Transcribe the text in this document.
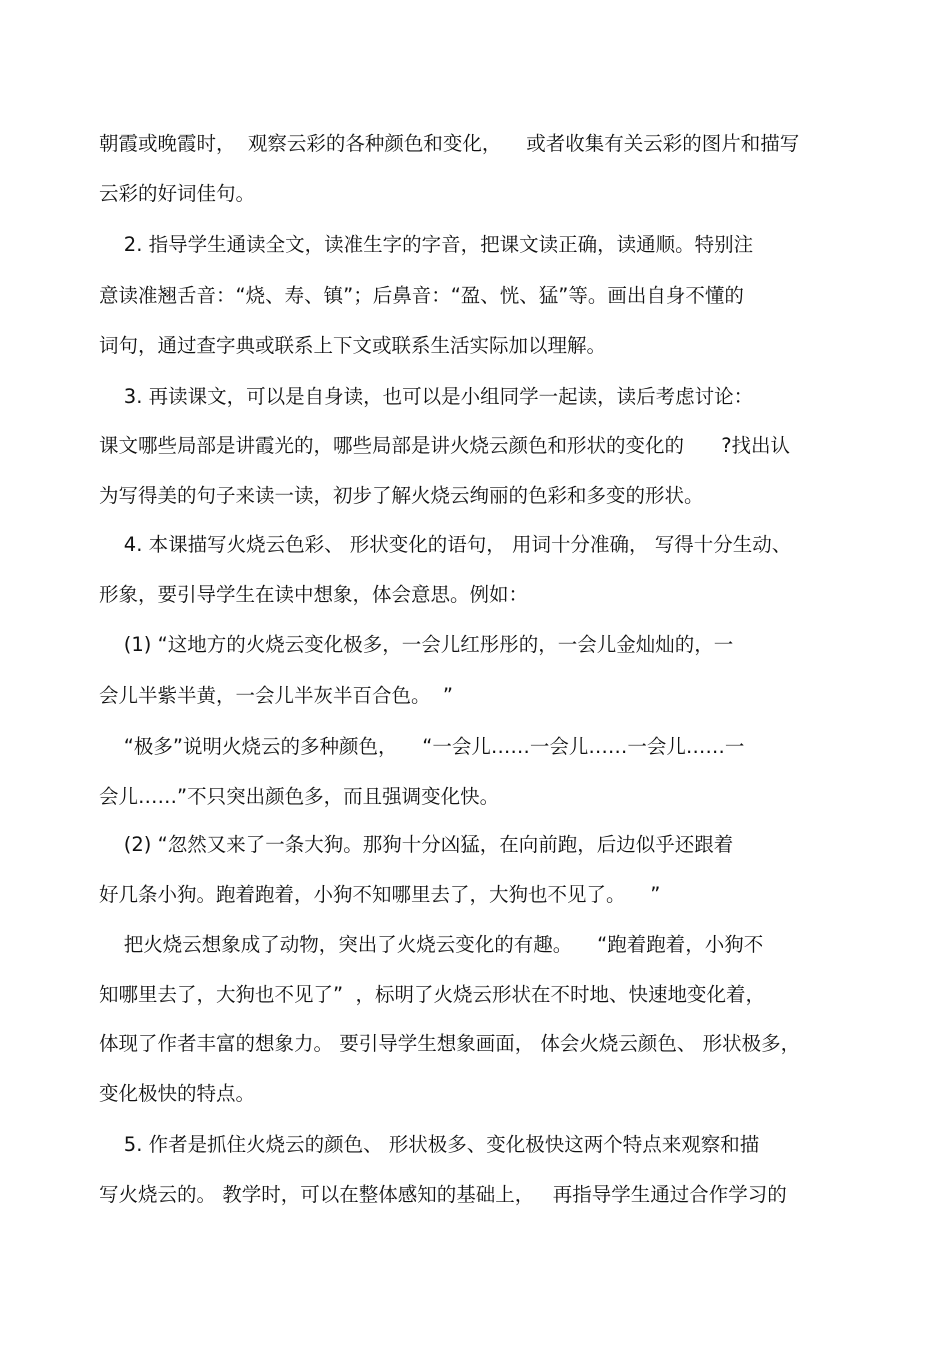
朝霞或晚霞时，  观察云彩的各种颜色和变化，    或者收集有关云彩的图片和描写
云彩的好词佳句。
2. 指导学生通读全文，读准生字的字音，把课文读正确，读通顺。特别注
意读准翘舌音：“烧、寿、镇”；后鼻音：“盈、恍、猛”等。画出自身不懂的
词句，通过查字典或联系上下文或联系生活实际加以理解。
3. 再读课文，可以是自身读，也可以是小组同学一起读，读后考虑讨论：
课文哪些局部是讲霞光的，哪些局部是讲火烧云颜色和形状的变化的      ?找出认
为写得美的句子来读一读，初步了解火烧云绚丽的色彩和多变的形状。
4. 本课描写火烧云色彩、 形状变化的语句， 用词十分准确， 写得十分生动、
形象，要引导学生在读中想象，体会意思。例如：
(1) “这地方的火烧云变化极多，一会儿红彤彤的，一会儿金灿灿的，一
会儿半紫半黄，一会儿半灰半百合色。  ”
“极多”说明火烧云的多种颜色，    “一会儿……一会儿……一会儿……一
会儿……”不只突出颜色多，而且强调变化快。
(2) “忽然又来了一条大狗。那狗十分凶猛，在向前跑，后边似乎还跟着
好几条小狗。跑着跑着，小狗不知哪里去了，大狗也不见了。    ”
把火烧云想象成了动物，突出了火烧云变化的有趣。    “跑着跑着，小狗不
知哪里去了，大狗也不见了”  ，标明了火烧云形状在不时地、快速地变化着，
体现了作者丰富的想象力。 要引导学生想象画面， 体会火烧云颜色、 形状极多，
变化极快的特点。
5. 作者是抓住火烧云的颜色、 形状极多、变化极快这两个特点来观察和描
写火烧云的。 教学时，可以在整体感知的基础上，   再指导学生通过合作学习的
